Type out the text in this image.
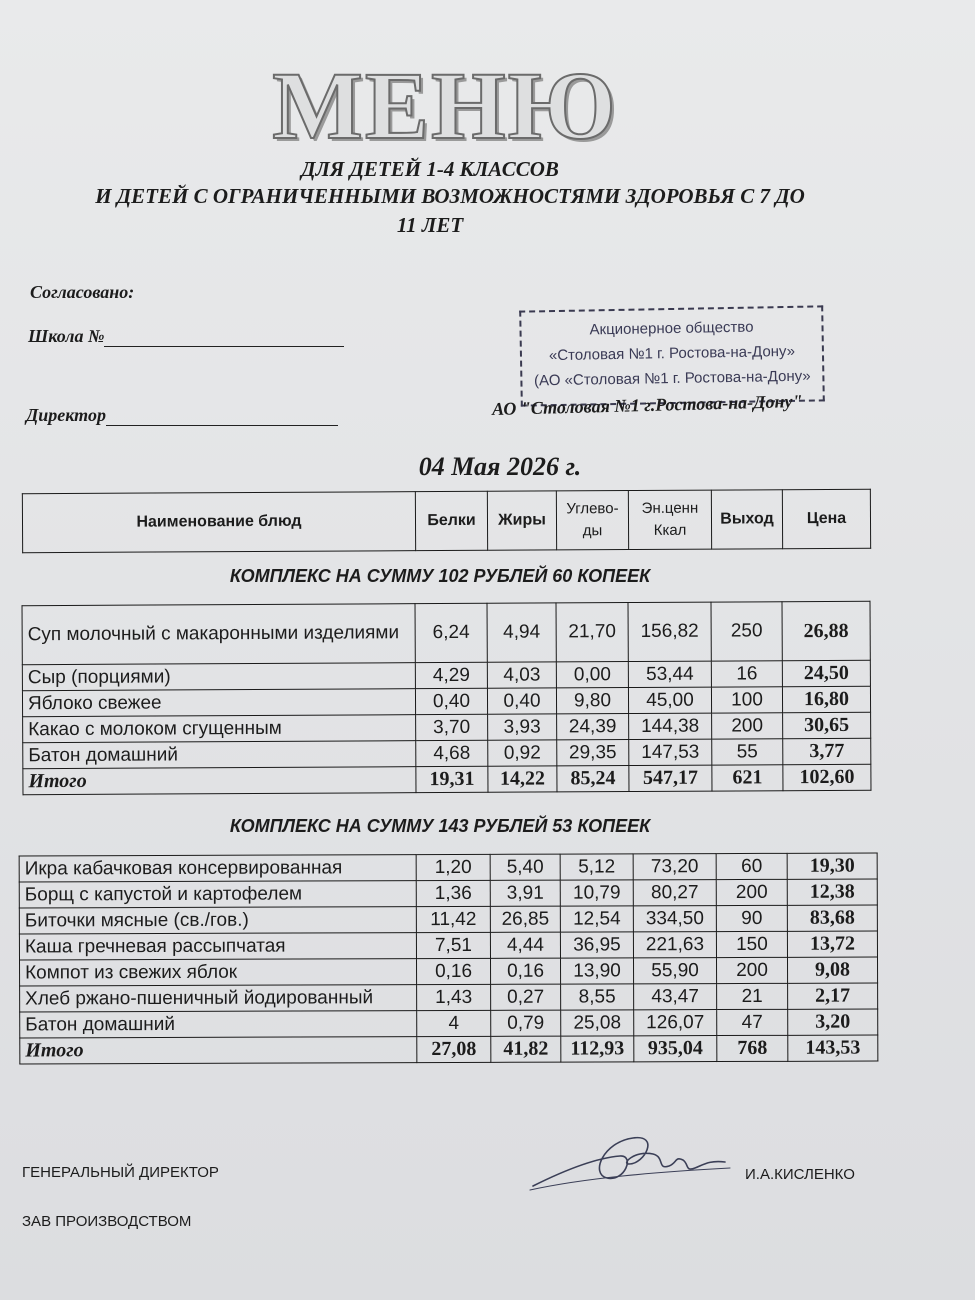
МЕНЮ
ДЛЯ ДЕТЕЙ 1-4 КЛАССОВ
И ДЕТЕЙ С ОГРАНИЧЕННЫМИ ВОЗМОЖНОСТЯМИ ЗДОРОВЬЯ С 7 ДО
11 ЛЕТ
Согласовано:
Школа №
Директор
Акционерное общество
«Столовая №1 г. Ростова-на-Дону»
(АО «Столовая №1 г. Ростова-на-Дону»
АО "Столовая №1 г.Ростова-на-Дону"
04 Мая 2026 г.
Наименование блюд	Белки	Жиры	Углево-
ды	Эн.ценн
Ккал	Выход	Цена
КОМПЛЕКС НА СУММУ 102 РУБЛЕЙ 60 КОПЕЕК
Суп молочный с макаронными изделиями	6,24	4,94	21,70	156,82	250	26,88
Сыр (порциями)	4,29	4,03	0,00	53,44	16	24,50
Яблоко свежее	0,40	0,40	9,80	45,00	100	16,80
Какао с молоком сгущенным	3,70	3,93	24,39	144,38	200	30,65
Батон домашний	4,68	0,92	29,35	147,53	55	3,77
Итого	19,31	14,22	85,24	547,17	621	102,60
КОМПЛЕКС НА СУММУ 143 РУБЛЕЙ 53 КОПЕЕК
Икра кабачковая консервированная	1,20	5,40	5,12	73,20	60	19,30
Борщ с капустой и картофелем	1,36	3,91	10,79	80,27	200	12,38
Биточки мясные (св./гов.)	11,42	26,85	12,54	334,50	90	83,68
Каша гречневая рассыпчатая	7,51	4,44	36,95	221,63	150	13,72
Компот из свежих яблок	0,16	0,16	13,90	55,90	200	9,08
Хлеб ржано-пшеничный йодированный	1,43	0,27	8,55	43,47	21	2,17
Батон домашний	4	0,79	25,08	126,07	47	3,20
Итого	27,08	41,82	112,93	935,04	768	143,53
ГЕНЕРАЛЬНЫЙ ДИРЕКТОР	И.А.КИСЛЕНКО
ЗАВ ПРОИЗВОДСТВОМ
